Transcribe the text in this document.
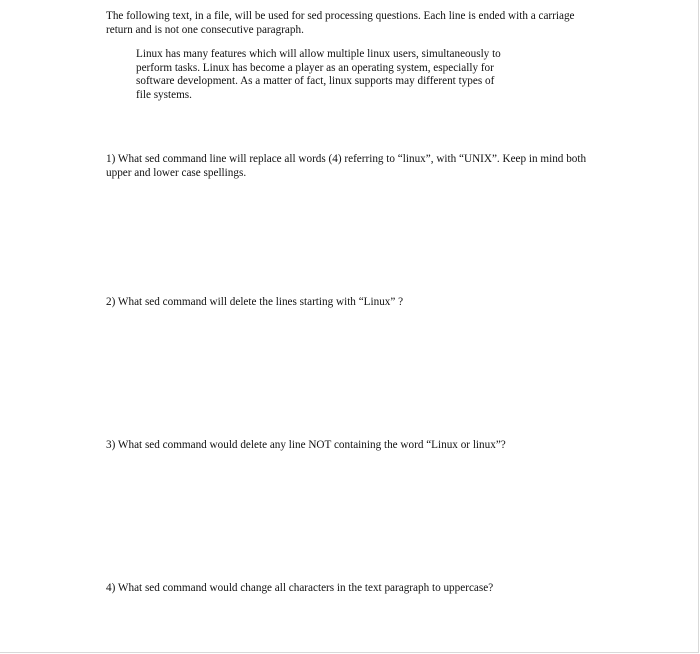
The following text, in a file, will be used for sed processing questions. Each line is ended with a carriage
return and is not one consecutive paragraph.

Linux has many features which will allow multiple linux users, simultaneously to
perform tasks. Linux has become a player as an operating system, especially for
software development. As a matter of fact, linux supports may different types of
file systems.

1) What sed command line will replace all words (4) referring to “linux”, with “UNIX”. Keep in mind both
upper and lower case spellings.

2) What sed command will delete the lines starting with “Linux” ?

3) What sed command would delete any line NOT containing the word “Linux or linux”?

4) What sed command would change all characters in the text paragraph to uppercase?
